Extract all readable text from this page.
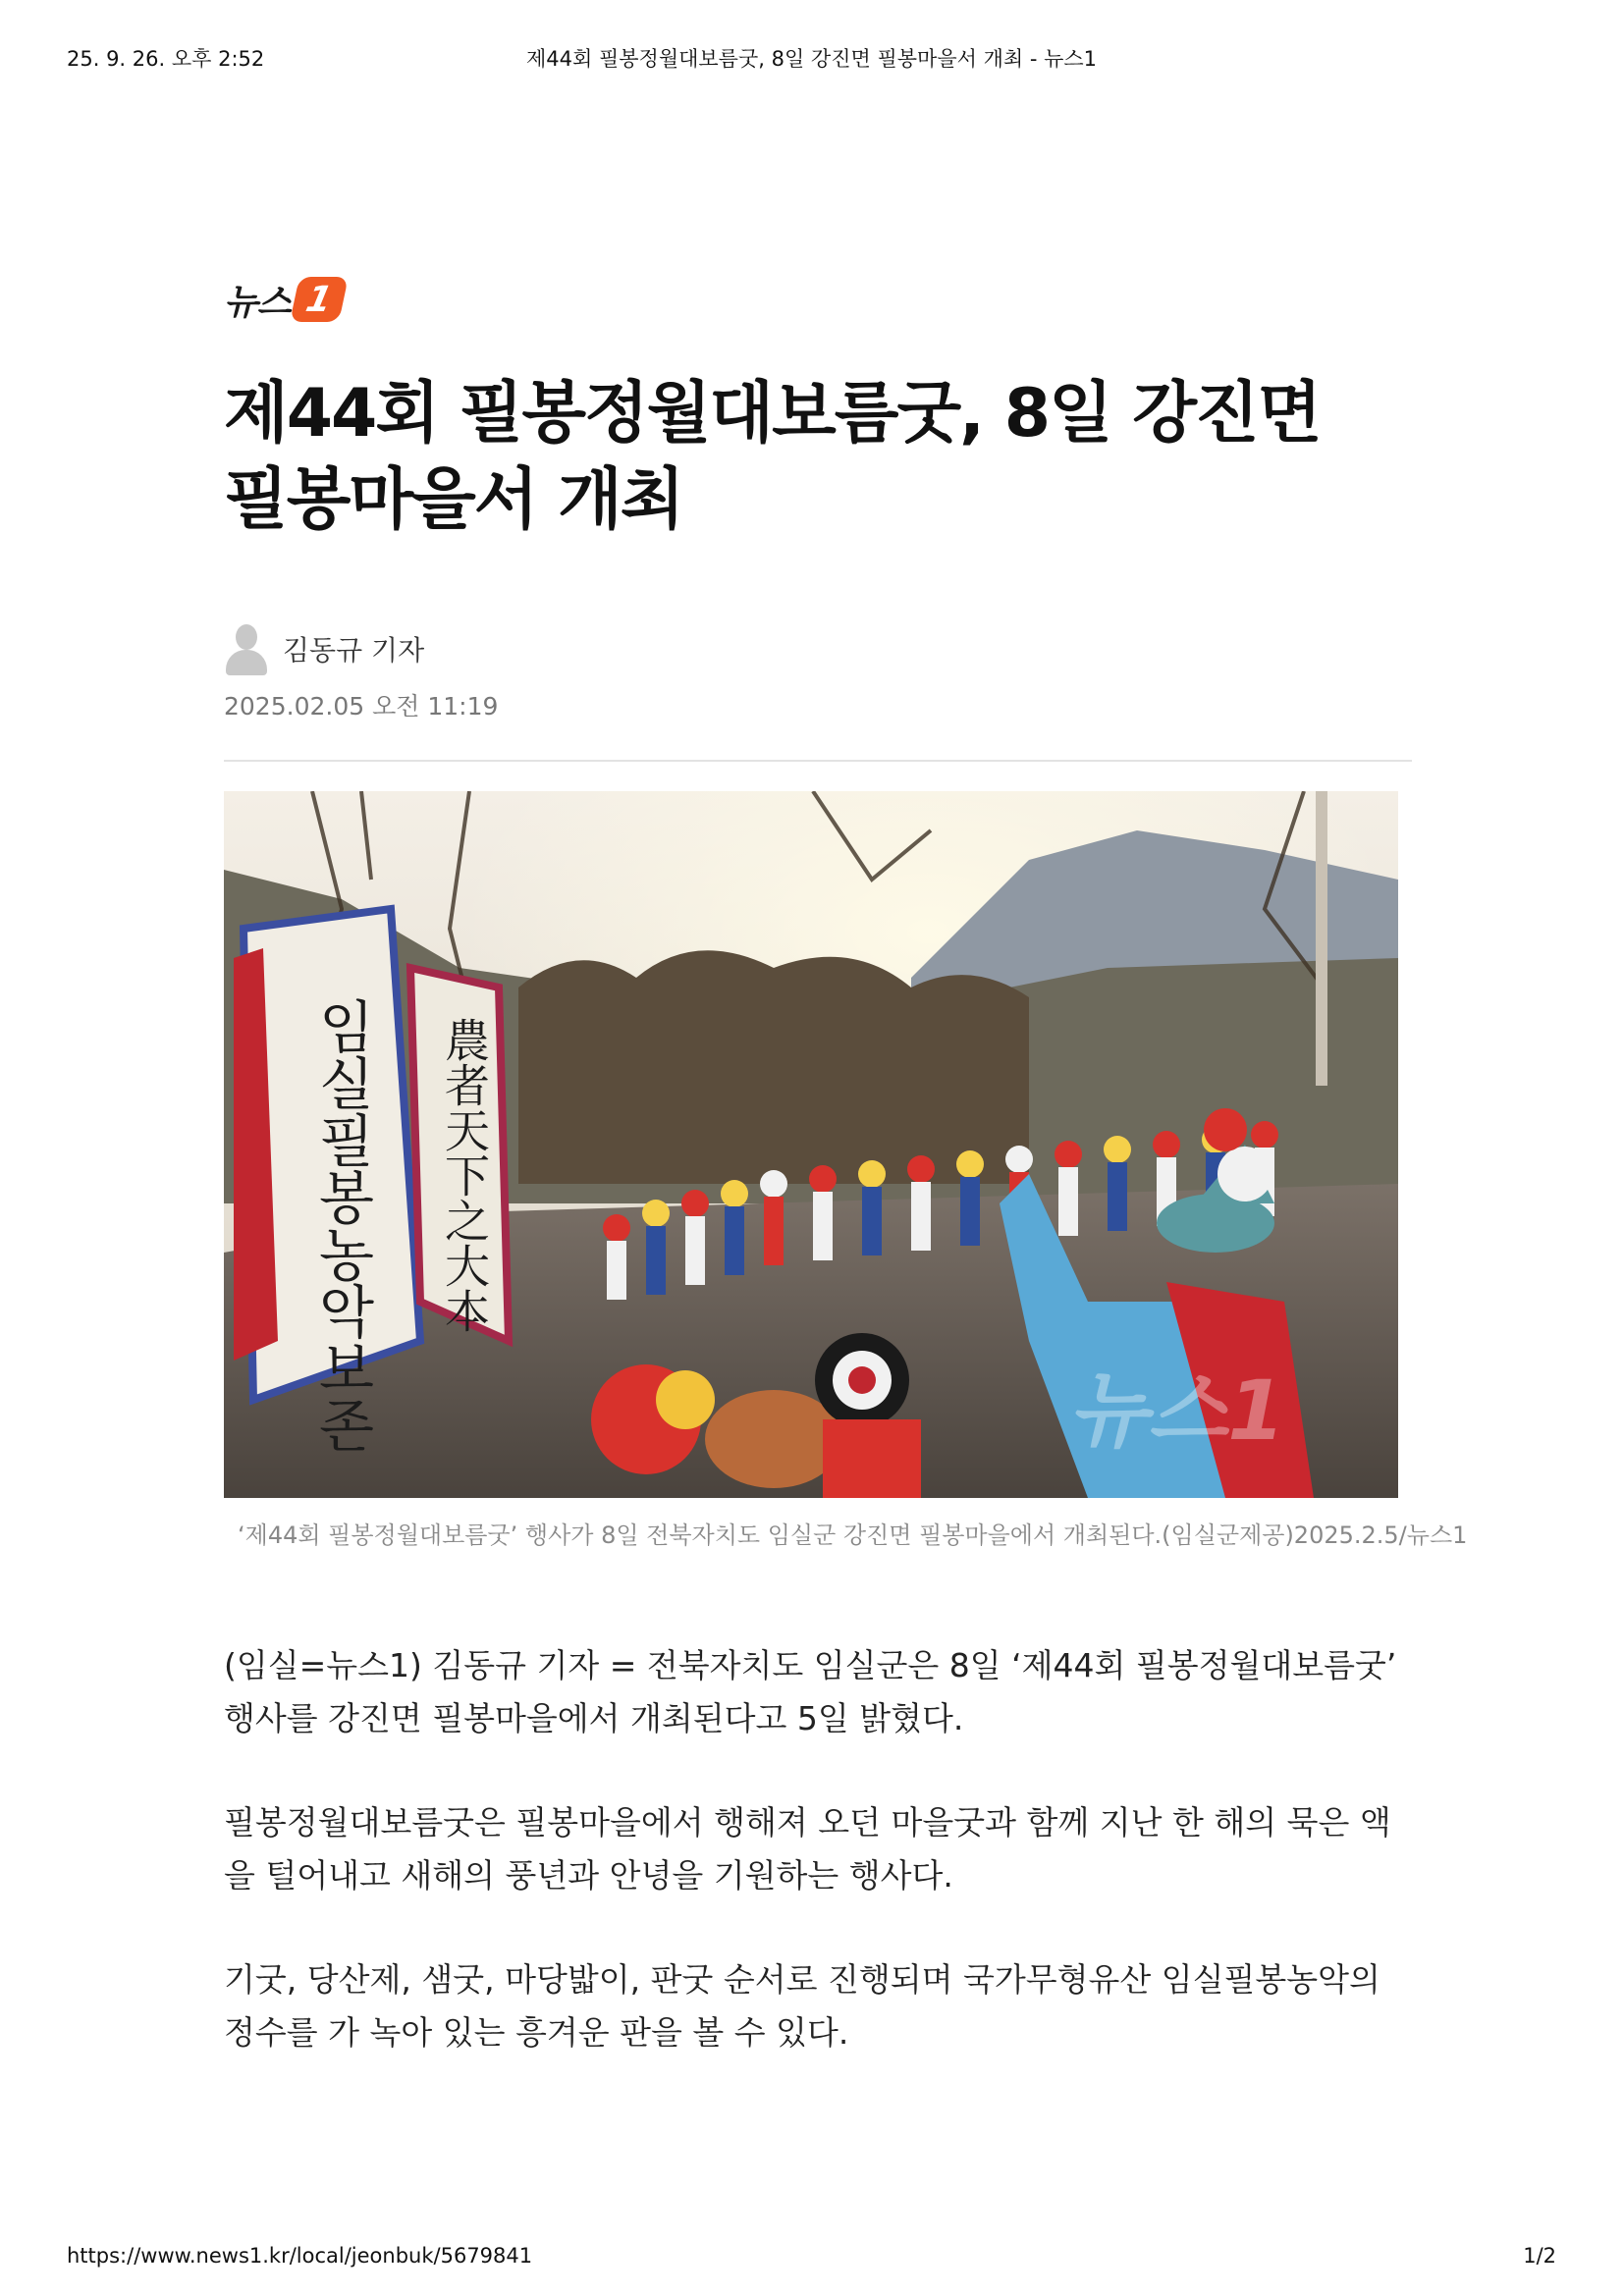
25. 9. 26. 오후 2:52	제44회 필봉정월대보름굿, 8일 강진면 필봉마을서 개최 - 뉴스1
뉴스 1
제44회 필봉정월대보름굿, 8일 강진면 필봉마을서 개최
김동규 기자
2025.02.05 오전 11:19
임실필봉농악보존 農者天下之大本
뉴스1
‘제44회 필봉정월대보름굿’ 행사가 8일 전북자치도 임실군 강진면 필봉마을에서 개최된다.(임실군제공)2025.2.5/뉴스1

(임실=뉴스1) 김동규 기자 = 전북자치도 임실군은 8일 ‘제44회 필봉정월대보름굿’ 행사를 강진면 필봉마을에서 개최된다고 5일 밝혔다.

필봉정월대보름굿은 필봉마을에서 행해져 오던 마을굿과 함께 지난 한 해의 묵은 액을 털어내고 새해의 풍년과 안녕을 기원하는 행사다.

기굿, 당산제, 샘굿, 마당밟이, 판굿 순서로 진행되며 국가무형유산 임실필봉농악의 정수를 가 녹아 있는 흥겨운 판을 볼 수 있다.

https://www.news1.kr/local/jeonbuk/5679841	1/2
